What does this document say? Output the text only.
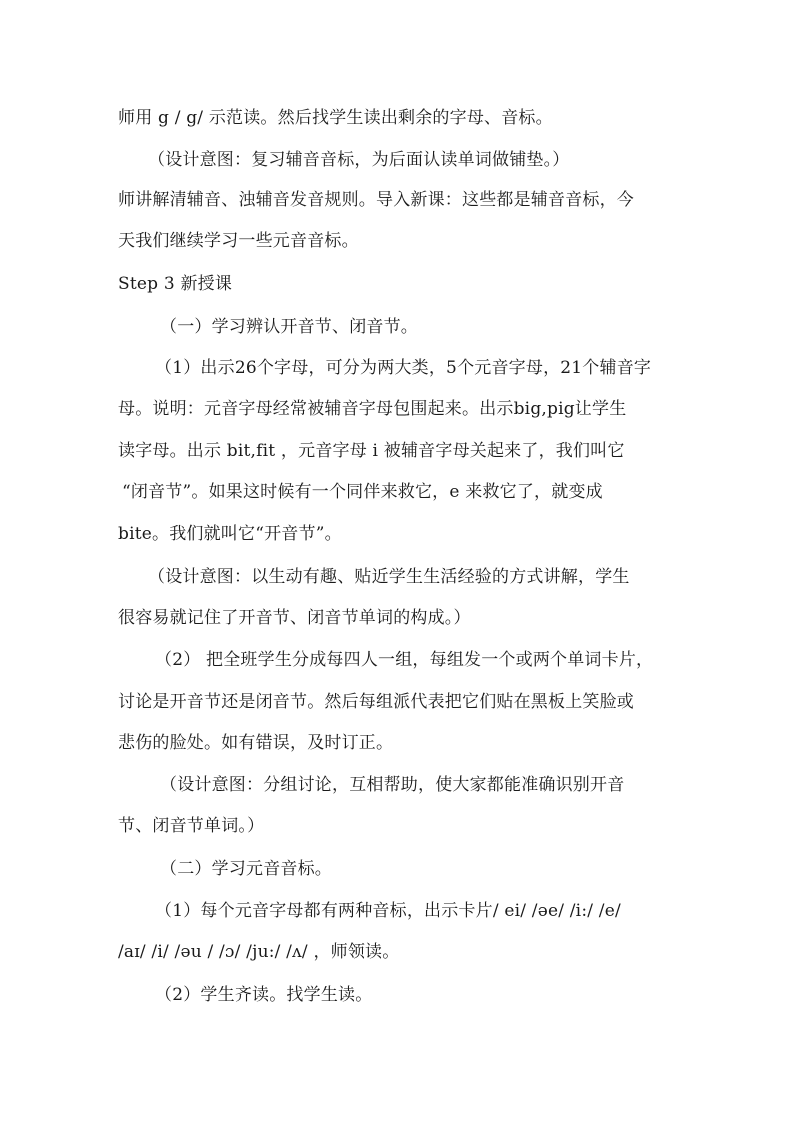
师用 g / g/ 示范读。然后找学生读出剩余的字母、音标。
（设计意图：复习辅音音标，为后面认读单词做铺垫。）
师讲解清辅音、浊辅音发音规则。导入新课：这些都是辅音音标，今
天我们继续学习一些元音音标。
Step 3 新授课
（一）学习辨认开音节、闭音节。
（1）出示26个字母，可分为两大类，5个元音字母，21个辅音字
母。说明：元音字母经常被辅音字母包围起来。出示big,pig让学生
读字母。出示 bit,fit ，元音字母 i 被辅音字母关起来了，我们叫它
“闭音节”。如果这时候有一个同伴来救它，e 来救它了，就变成
bite。我们就叫它“开音节”。
（设计意图：以生动有趣、贴近学生生活经验的方式讲解，学生
很容易就记住了开音节、闭音节单词的构成。）
（2） 把全班学生分成每四人一组，每组发一个或两个单词卡片，
讨论是开音节还是闭音节。然后每组派代表把它们贴在黑板上笑脸或
悲伤的脸处。如有错误，及时订正。
（设计意图：分组讨论，互相帮助，使大家都能准确识别开音
节、闭音节单词。）
（二）学习元音音标。
（1）每个元音字母都有两种音标，出示卡片/ ei/ /əe/ /i:/ /e/
/aɪ/ /i/ /əu / /ɔ/ /ju:/ /ʌ/ ，师领读。
（2）学生齐读。找学生读。
